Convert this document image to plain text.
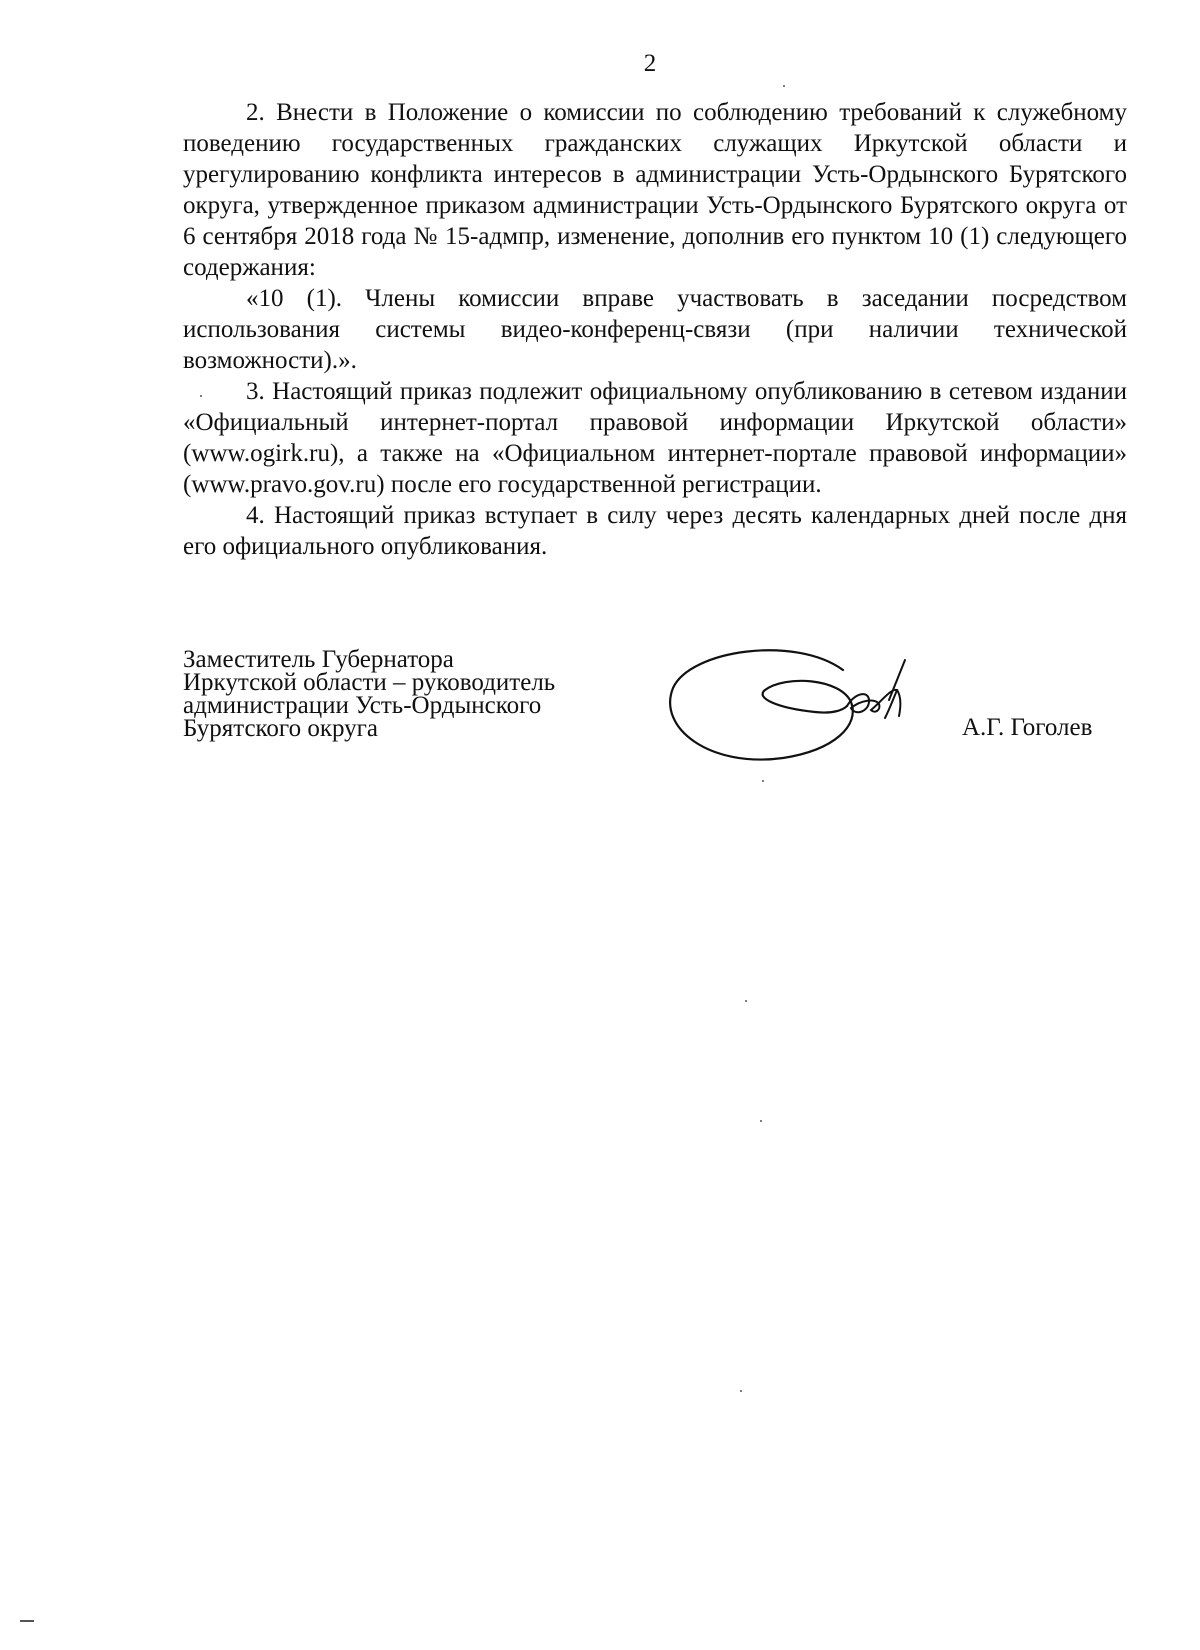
2

2. Внести в Положение о комиссии по соблюдению требований к служебному поведению государственных гражданских служащих Иркутской области и урегулированию конфликта интересов в администрации Усть-Ордынского Бурятского округа, утвержденное приказом администрации Усть-Ордынского Бурятского округа от 6 сентября 2018 года № 15-адмпр, изменение, дополнив его пунктом 10 (1) следующего содержания:

«10 (1). Члены комиссии вправе участвовать в заседании посредством использования системы видео-конференц-связи (при наличии технической возможности).».

3. Настоящий приказ подлежит официальному опубликованию в сетевом издании «Официальный интернет-портал правовой информации Иркутской области» (www.ogirk.ru), а также на «Официальном интернет-портале правовой информации» (www.pravo.gov.ru) после его государственной регистрации.

4. Настоящий приказ вступает в силу через десять календарных дней после дня его официального опубликования.

Заместитель Губернатора
Иркутской области – руководитель
администрации Усть-Ордынского
Бурятского округа	А.Г. Гоголев
